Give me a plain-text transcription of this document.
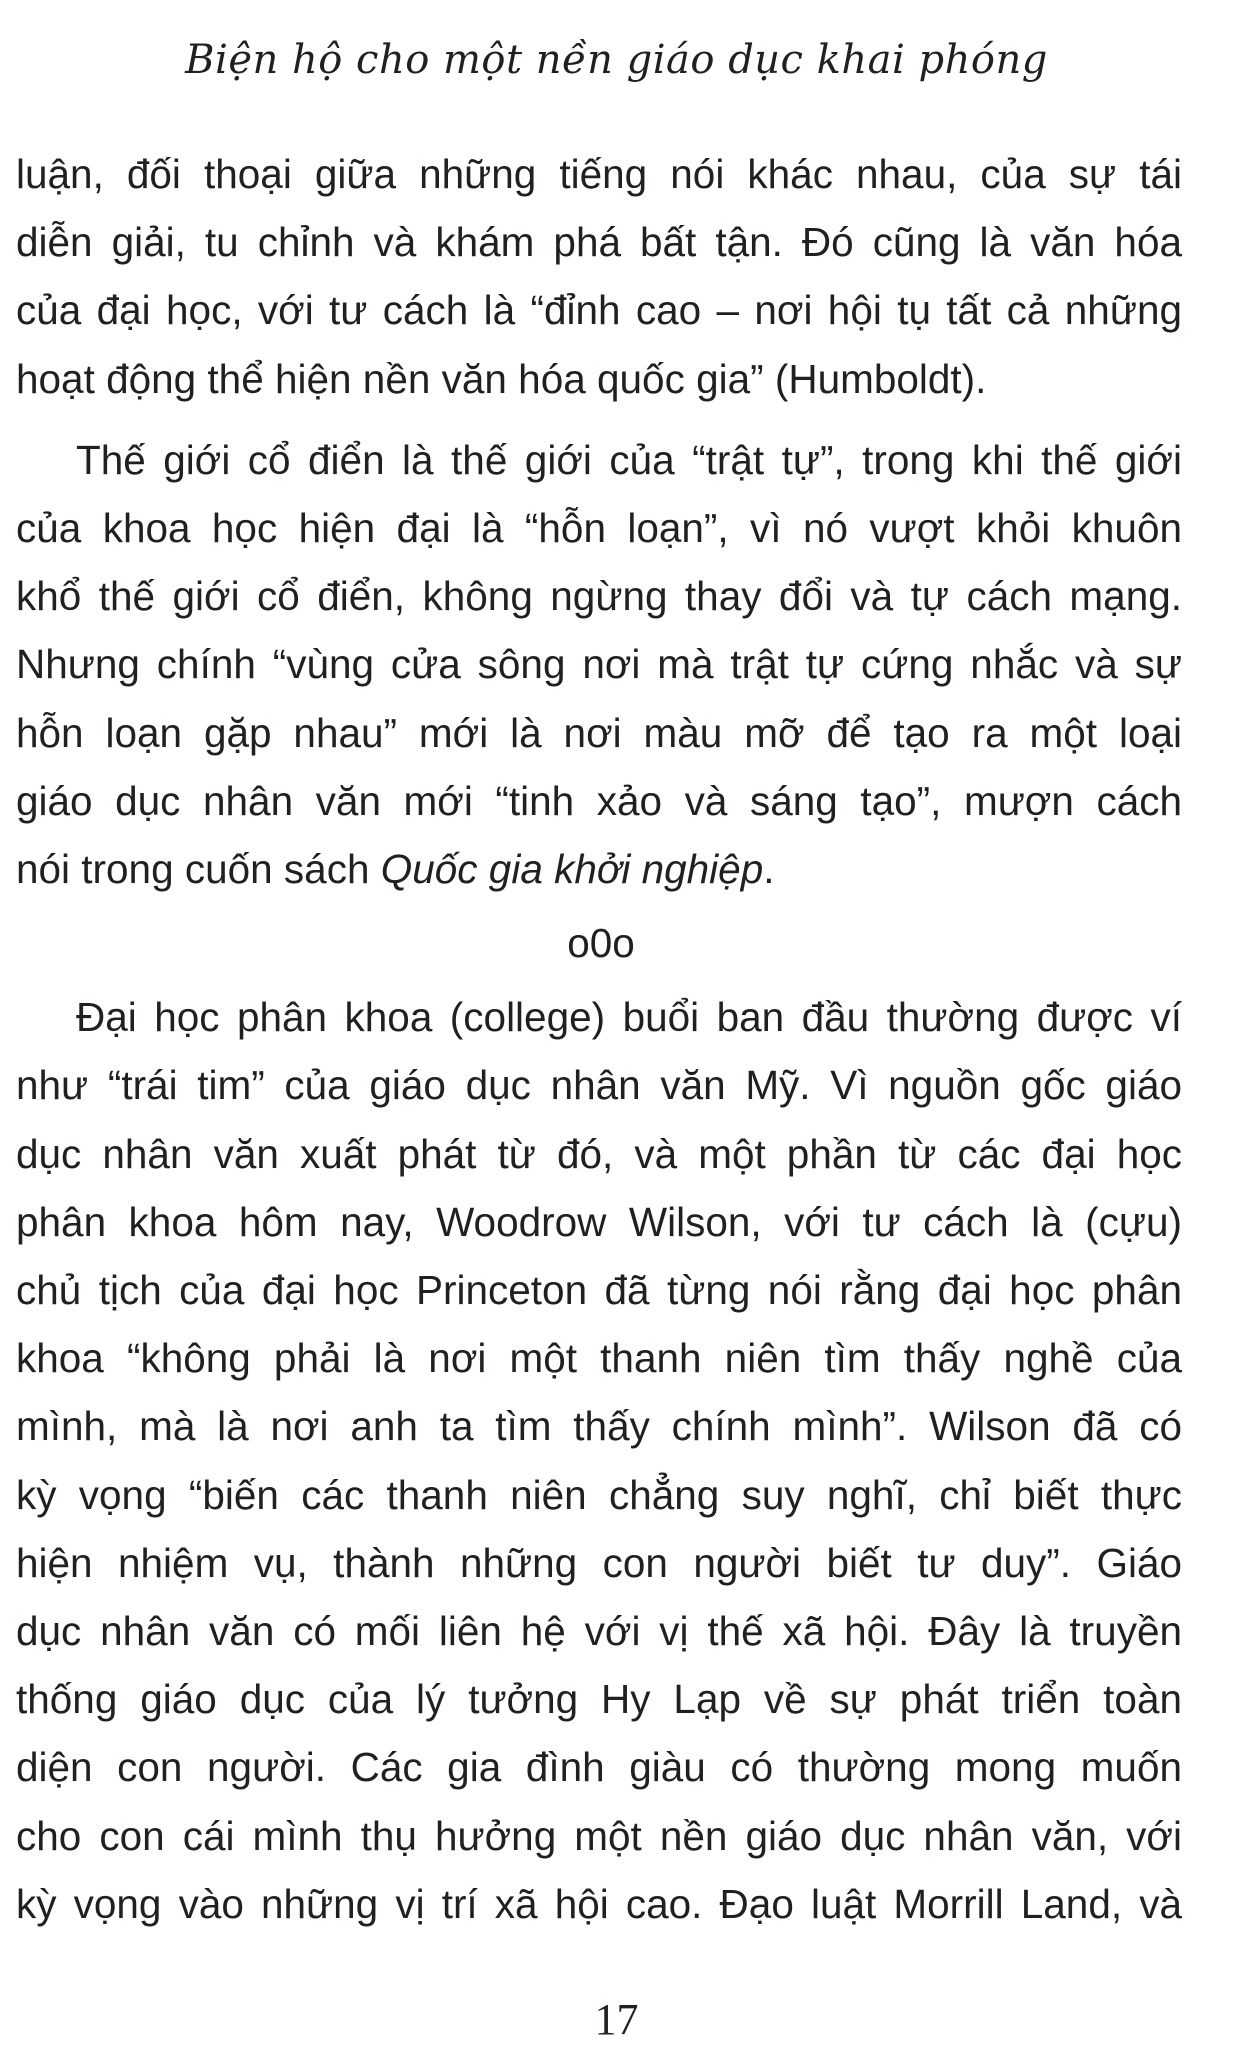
Biện hộ cho một nền giáo dục khai phóng
luận, đối thoại giữa những tiếng nói khác nhau, của sự tái
diễn giải, tu chỉnh và khám phá bất tận. Đó cũng là văn hóa
của đại học, với tư cách là “đỉnh cao – nơi hội tụ tất cả những
hoạt động thể hiện nền văn hóa quốc gia” (Humboldt).
Thế giới cổ điển là thế giới của “trật tự”, trong khi thế giới
của khoa học hiện đại là “hỗn loạn”, vì nó vượt khỏi khuôn
khổ thế giới cổ điển, không ngừng thay đổi và tự cách mạng.
Nhưng chính “vùng cửa sông nơi mà trật tự cứng nhắc và sự
hỗn loạn gặp nhau” mới là nơi màu mỡ để tạo ra một loại
giáo dục nhân văn mới “tinh xảo và sáng tạo”, mượn cách
nói trong cuốn sách Quốc gia khởi nghiệp.
o0o
Đại học phân khoa (college) buổi ban đầu thường được ví
như “trái tim” của giáo dục nhân văn Mỹ. Vì nguồn gốc giáo
dục nhân văn xuất phát từ đó, và một phần từ các đại học
phân khoa hôm nay, Woodrow Wilson, với tư cách là (cựu)
chủ tịch của đại học Princeton đã từng nói rằng đại học phân
khoa “không phải là nơi một thanh niên tìm thấy nghề của
mình, mà là nơi anh ta tìm thấy chính mình”. Wilson đã có
kỳ vọng “biến các thanh niên chẳng suy nghĩ, chỉ biết thực
hiện nhiệm vụ, thành những con người biết tư duy”. Giáo
dục nhân văn có mối liên hệ với vị thế xã hội. Đây là truyền
thống giáo dục của lý tưởng Hy Lạp về sự phát triển toàn
diện con người. Các gia đình giàu có thường mong muốn
cho con cái mình thụ hưởng một nền giáo dục nhân văn, với
kỳ vọng vào những vị trí xã hội cao. Đạo luật Morrill Land, và
17
